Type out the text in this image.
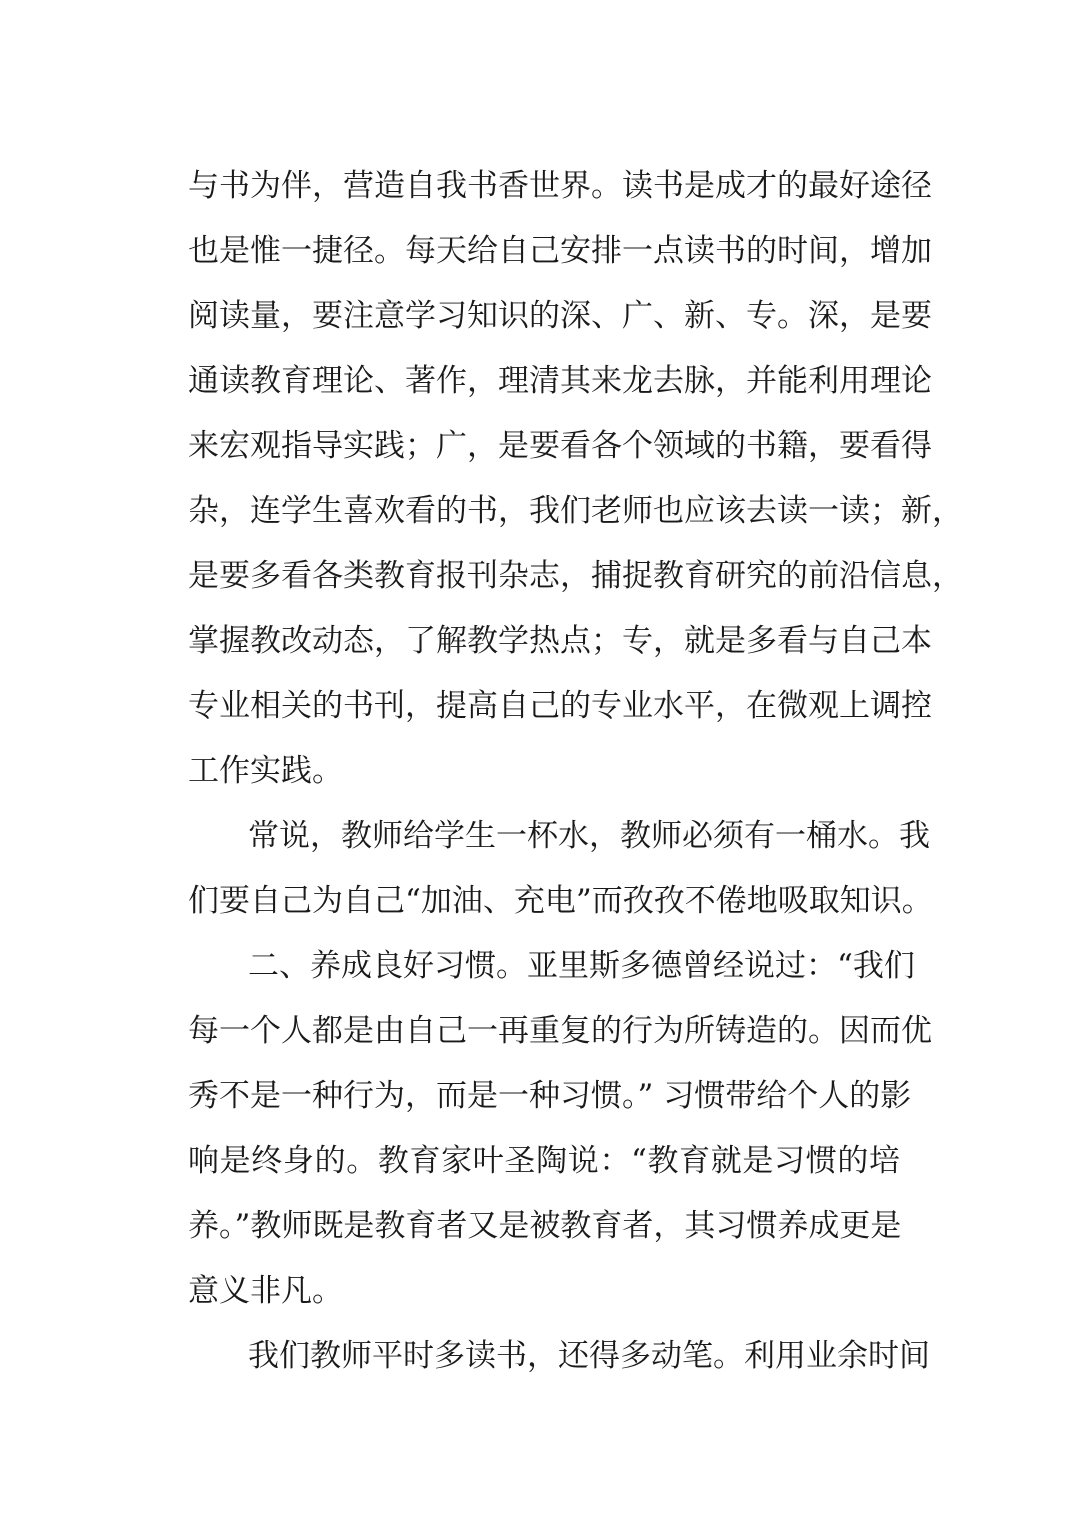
与书为伴，营造自我书香世界。读书是成才的最好途径
也是惟一捷径。每天给自己安排一点读书的时间，增加
阅读量，要注意学习知识的深、广、新、专。深，是要
通读教育理论、著作，理清其来龙去脉，并能利用理论
来宏观指导实践；广，是要看各个领域的书籍，要看得
杂，连学生喜欢看的书，我们老师也应该去读一读；新，
是要多看各类教育报刊杂志，捕捉教育研究的前沿信息，
掌握教改动态，了解教学热点；专，就是多看与自己本
专业相关的书刊，提高自己的专业水平，在微观上调控
工作实践。
常说，教师给学生一杯水，教师必须有一桶水。我
们要自己为自己“加油、充电”而孜孜不倦地吸取知识。
二、养成良好习惯。亚里斯多德曾经说过：“我们
每一个人都是由自己一再重复的行为所铸造的。因而优
秀不是一种行为，而是一种习惯。” 习惯带给个人的影
响是终身的。教育家叶圣陶说：“教育就是习惯的培
养。”教师既是教育者又是被教育者，其习惯养成更是
意义非凡。
我们教师平时多读书，还得多动笔。利用业余时间
